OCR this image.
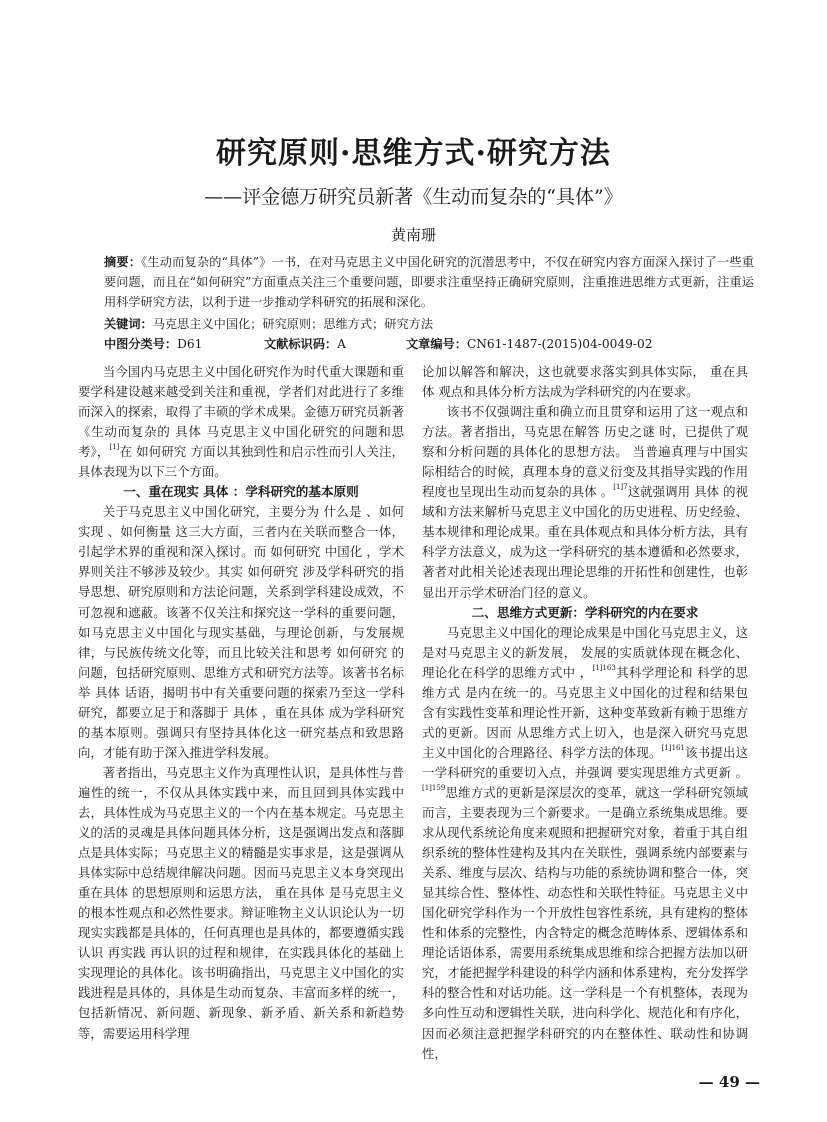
研究原则·思维方式·研究方法
——评金德万研究员新著《生动而复杂的“具体”》
黄南珊
摘要：《生动而复杂的“具体”》一书，在对马克思主义中国化研究的沉潜思考中，不仅在研究内容方面深入探讨了一些重要问题，而且在“如何研究”方面重点关注三个重要问题，即要求注重坚持正确研究原则，注重推进思维方式更新，注重运用科学研究方法，以利于进一步推动学科研究的拓展和深化。
关键词：马克思主义中国化；研究原则；思维方式；研究方法
中图分类号：D61	文献标识码：A	文章编号：CN61-1487-(2015)04-0049-02

当今国内马克思主义中国化研究作为时代重大课题和重要学科建设越来越受到关注和重视，学者们对此进行了多维而深入的探索，取得了丰硕的学术成果。金德万研究员新著《生动而复杂的 具体 马克思主义中国化研究的问题和思考》，[1]在 如何研究 方面以其独到性和启示性而引人关注，具体表现为以下三个方面。

一、重在现实 具体 ：学科研究的基本原则

关于马克思主义中国化研究，主要分为 什么是 、如何实现 、如何衡量 这三大方面，三者内在关联而整合一体，引起学术界的重视和深入探讨。而 如何研究 中国化 ，学术界则关注不够涉及较少。其实 如何研究 涉及学科研究的指导思想、研究原则和方法论问题，关系到学科建设成效，不可忽视和遮蔽。该著不仅关注和探究这一学科的重要问题，如马克思主义中国化与现实基础，与理论创新，与发展规律，与民族传统文化等，而且比较关注和思考 如何研究 的问题，包括研究原则、思维方式和研究方法等。该著书名标举 具体 话语，揭明书中有关重要问题的探索乃至这一学科研究，都要立足于和落脚于 具体 ，重在具体 成为学科研究的基本原则。强调只有坚持具体化这一研究基点和致思路向，才能有助于深入推进学科发展。

著者指出，马克思主义作为真理性认识，是具体性与普遍性的统一，不仅从具体实践中来，而且回到具体实践中去，具体性成为马克思主义的一个内在基本规定。马克思主义的活的灵魂是具体问题具体分析，这是强调出发点和落脚点是具体实际；马克思主义的精髓是实事求是，这是强调从具体实际中总结规律解决问题。因而马克思主义本身突现出 重在具体 的思想原则和运思方法， 重在具体 是马克思主义的根本性观点和必然性要求。辩证唯物主义认识论认为一切现实实践都是具体的，任何真理也是具体的，都要遵循实践 认识 再实践 再认识的过程和规律，在实践具体化的基础上实现理论的具体化。该书明确指出，马克思主义中国化的实践进程是具体的，具体是生动而复杂、丰富而多样的统一，包括新情况、新问题、新现象、新矛盾、新关系和新趋势等，需要运用科学理

论加以解答和解决，这也就要求落实到具体实际， 重在具体 观点和具体分析方法成为学科研究的内在要求。

该书不仅强调注重和确立而且贯穿和运用了这一观点和方法。著者指出，马克思在解答 历史之谜 时，已提供了观察和分析问题的具体化的思想方法。 当普遍真理与中国实际相结合的时候，真理本身的意义衍变及其指导实践的作用程度也呈现出生动而复杂的具体 。$^{[1]7}$这就强调用 具体 的视域和方法来解析马克思主义中国化的历史进程、历史经验、基本规律和理论成果。重在具体观点和具体分析方法，具有科学方法意义，成为这一学科研究的基本遵循和必然要求，著者对此相关论述表现出理论思维的开拓性和创建性，也彰显出开示学术研治门径的意义。

二、思维方式更新：学科研究的内在要求

马克思主义中国化的理论成果是中国化马克思主义，这是对马克思主义的新发展， 发展的实质就体现在概念化、理论化在科学的思维方式中 ，$^{[1]163}$其科学理论和 科学的思维方式 是内在统一的。马克思主义中国化的过程和结果包含有实践性变革和理论性开新，这种变革致新有赖于思维方式的更新。因而 从思维方式上切入，也是深入研究马克思主义中国化的合理路径、科学方法的体现。$^{[1]161}$该书提出这一学科研究的重要切入点，并强调 要实现思维方式更新 。$^{[1]159}$思维方式的更新是深层次的变革，就这一学科研究领域而言，主要表现为三个新要求。一是确立系统集成思维。要求从现代系统论角度来观照和把握研究对象，着重于其自组织系统的整体性建构及其内在关联性，强调系统内部要素与关系、维度与层次、结构与功能的系统协调和整合一体，突显其综合性、整体性、动态性和关联性特征。马克思主义中国化研究学科作为一个开放性包容性系统，具有建构的整体性和体系的完整性，内含特定的概念范畴体系、逻辑体系和理论话语体系，需要用系统集成思维和综合把握方法加以研究，才能把握学科建设的科学内涵和体系建构，充分发挥学科的整合性和对话功能。这一学科是一个有机整体，表现为多向性互动和逻辑性关联，进向科学化、规范化和有序化，因而必须注意把握学科研究的内在整体性、联动性和协调性，

— 49 —
